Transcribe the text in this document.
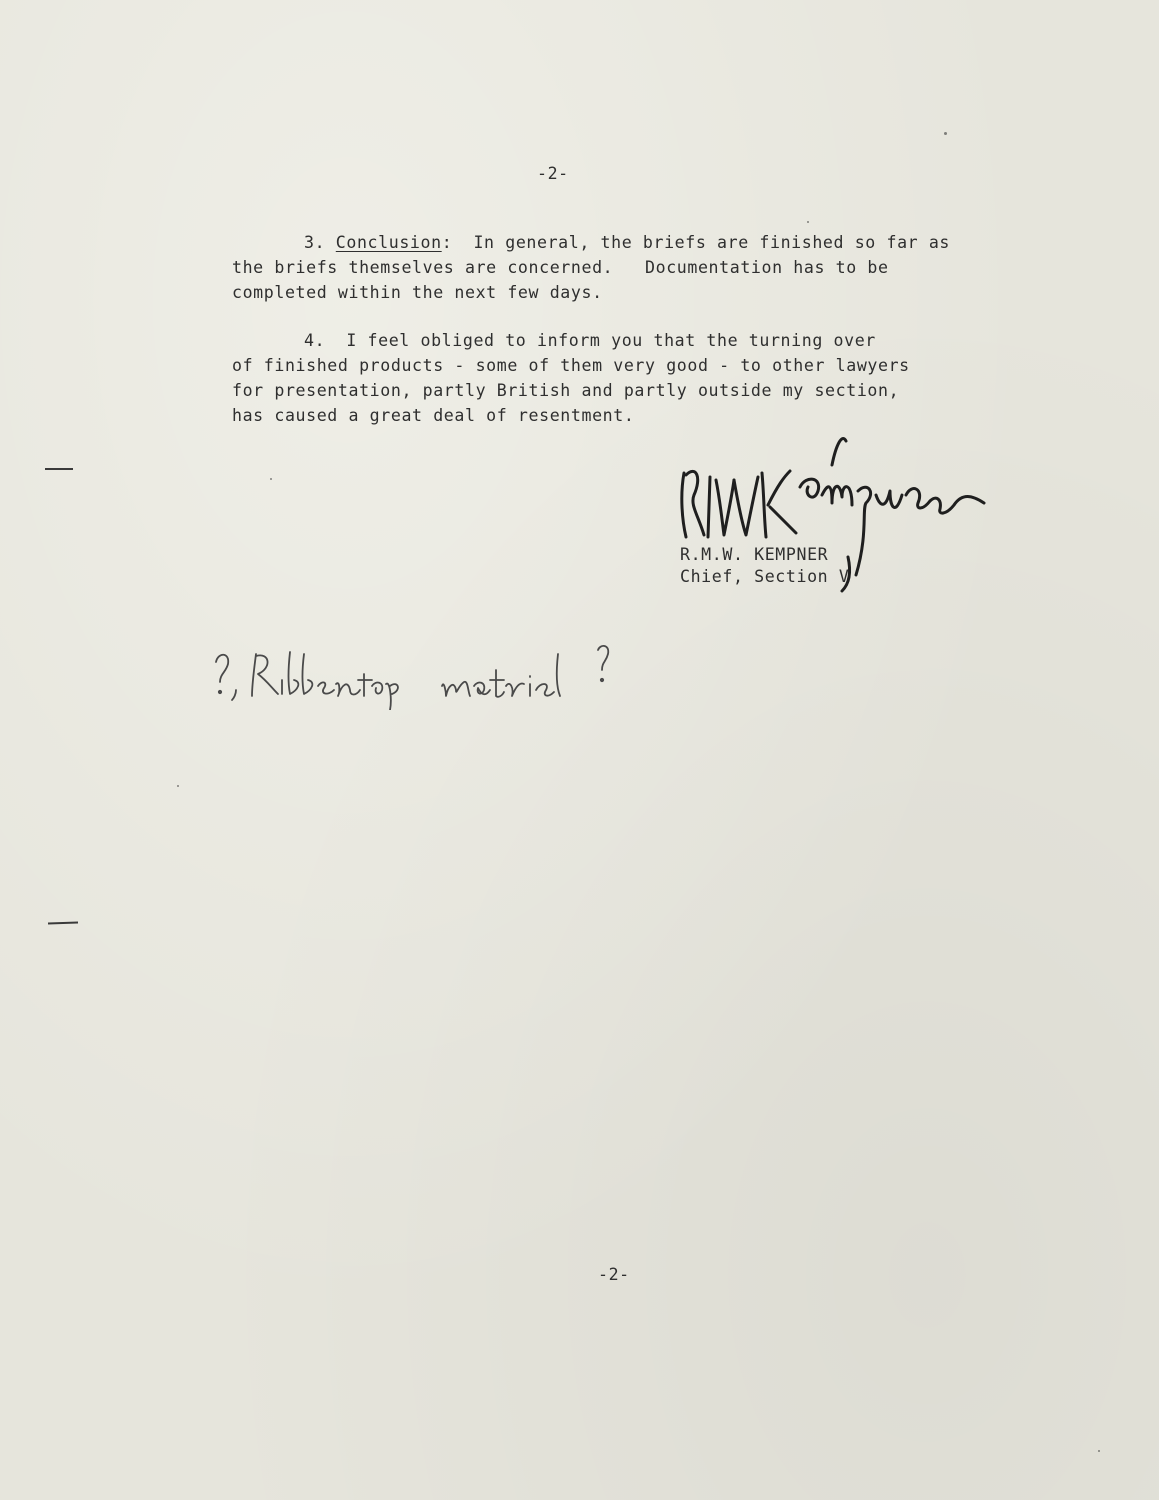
-2-

3. Conclusion:  In general, the briefs are finished so far as

the briefs themselves are concerned.   Documentation has to be

completed within the next few days.

4.  I feel obliged to inform you that the turning over

of finished products - some of them very good - to other lawyers

for presentation, partly British and partly outside my section,

has caused a great deal of resentment.

R.M.W. KEMPNER

Chief, Section V

-2-
